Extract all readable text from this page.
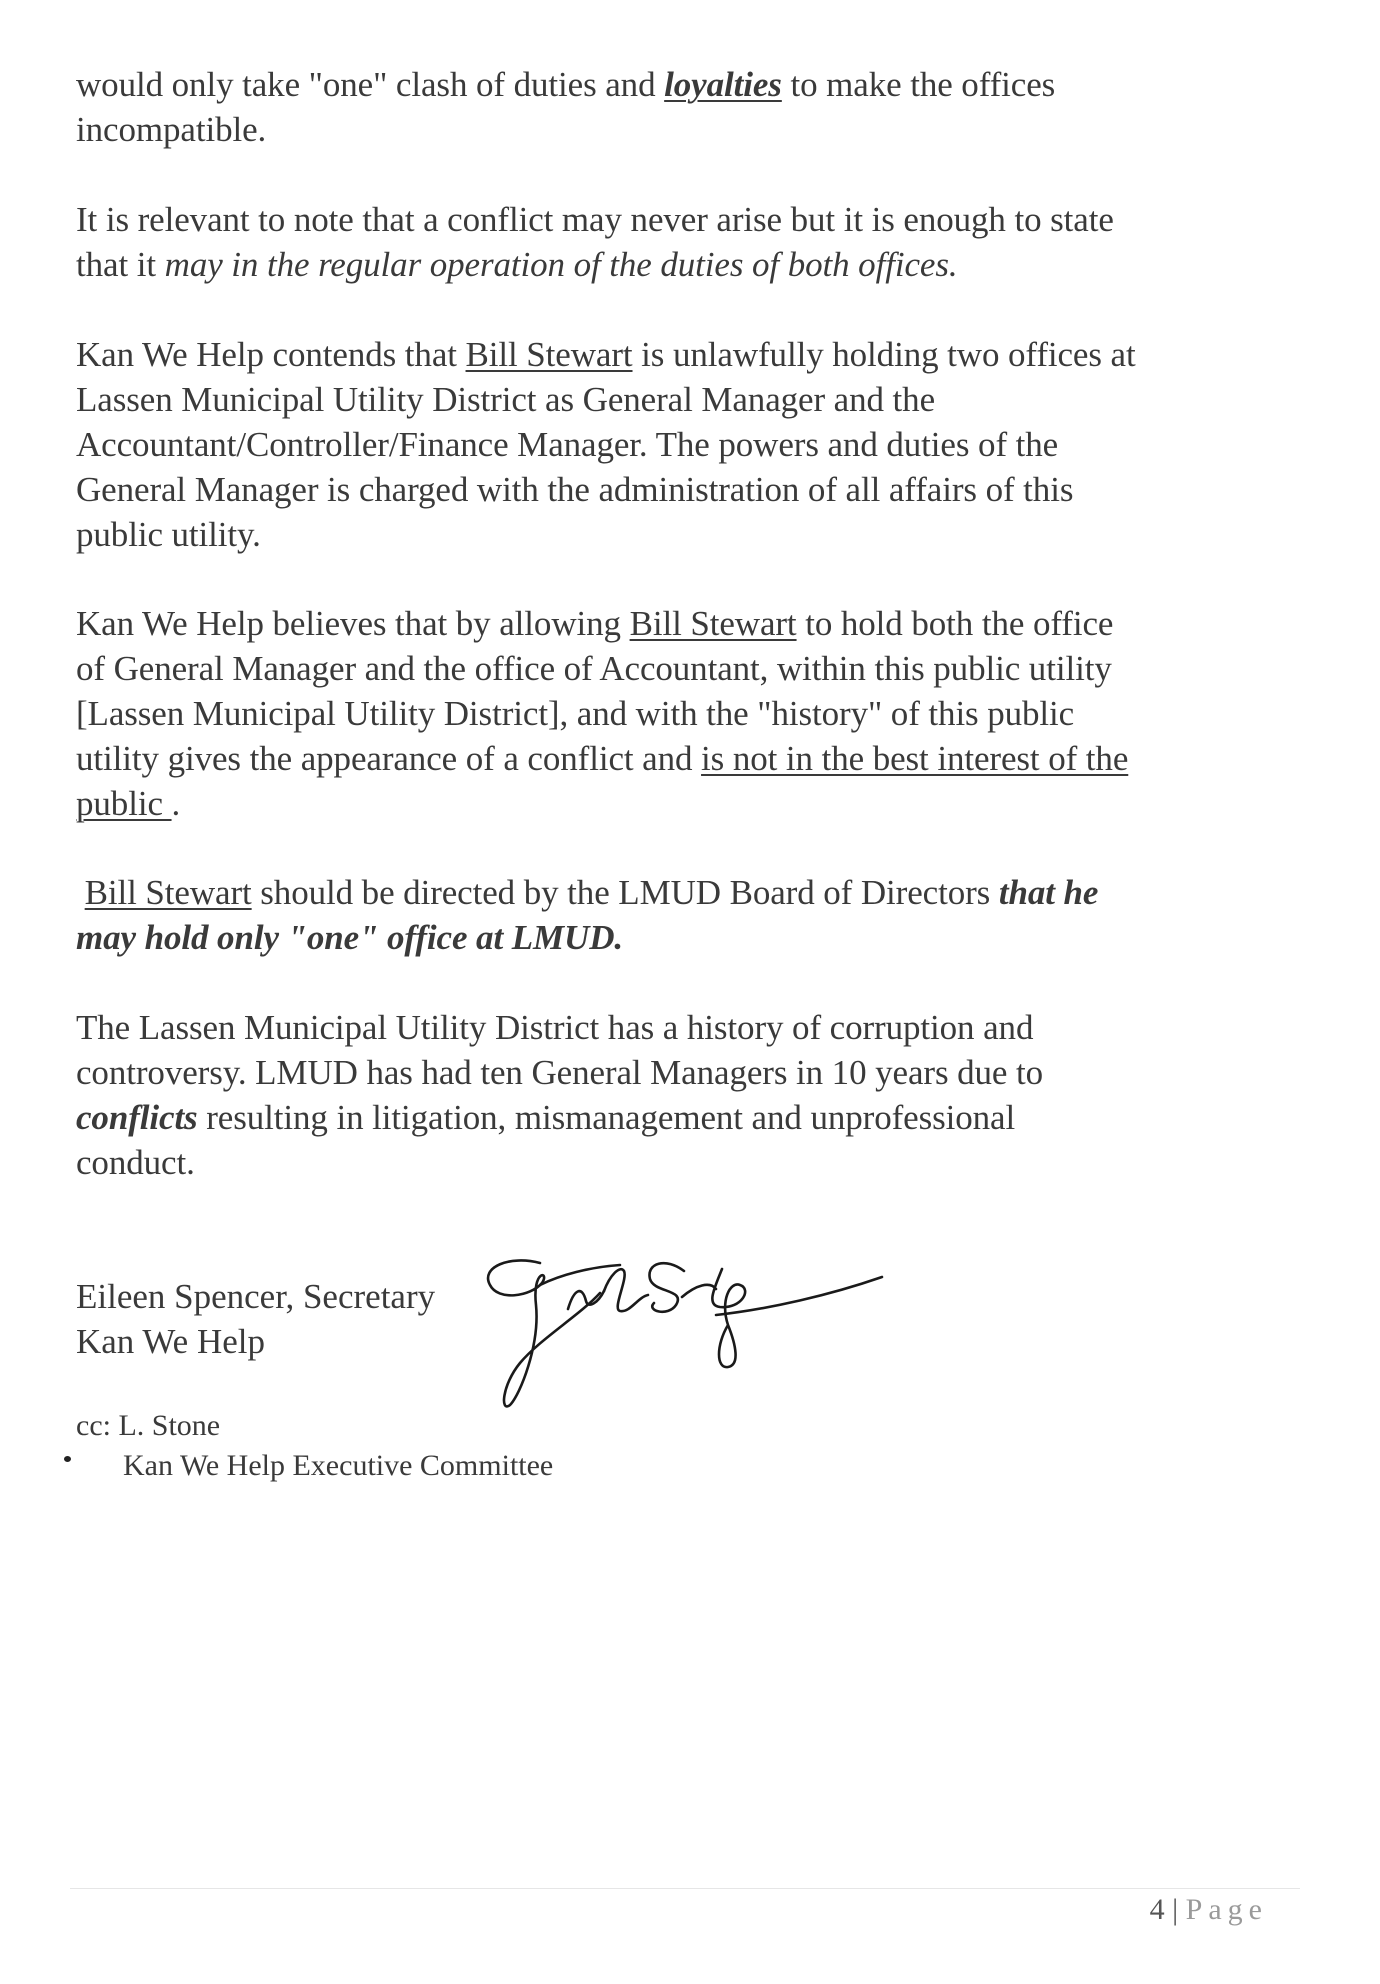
would only take "one" clash of duties and loyalties to make the offices
incompatible.
It is relevant to note that a conflict may never arise but it is enough to state
that it may in the regular operation of the duties of both offices.
Kan We Help contends that Bill Stewart is unlawfully holding two offices at
Lassen Municipal Utility District as General Manager and the
Accountant/Controller/Finance Manager. The powers and duties of the
General Manager is charged with the administration of all affairs of this
public utility.
Kan We Help believes that by allowing Bill Stewart to hold both the office
of General Manager and the office of Accountant, within this public utility
[Lassen Municipal Utility District], and with the "history" of this public
utility gives the appearance of a conflict and is not in the best interest of the
public .
Bill Stewart should be directed by the LMUD Board of Directors that he
may hold only "one" office at LMUD.
The Lassen Municipal Utility District has a history of corruption and
controversy. LMUD has had ten General Managers in 10 years due to
conflicts resulting in litigation, mismanagement and unprofessional
conduct.
Eileen Spencer, Secretary
Kan We Help
cc: L. Stone
Kan We Help Executive Committee
4 | Page
